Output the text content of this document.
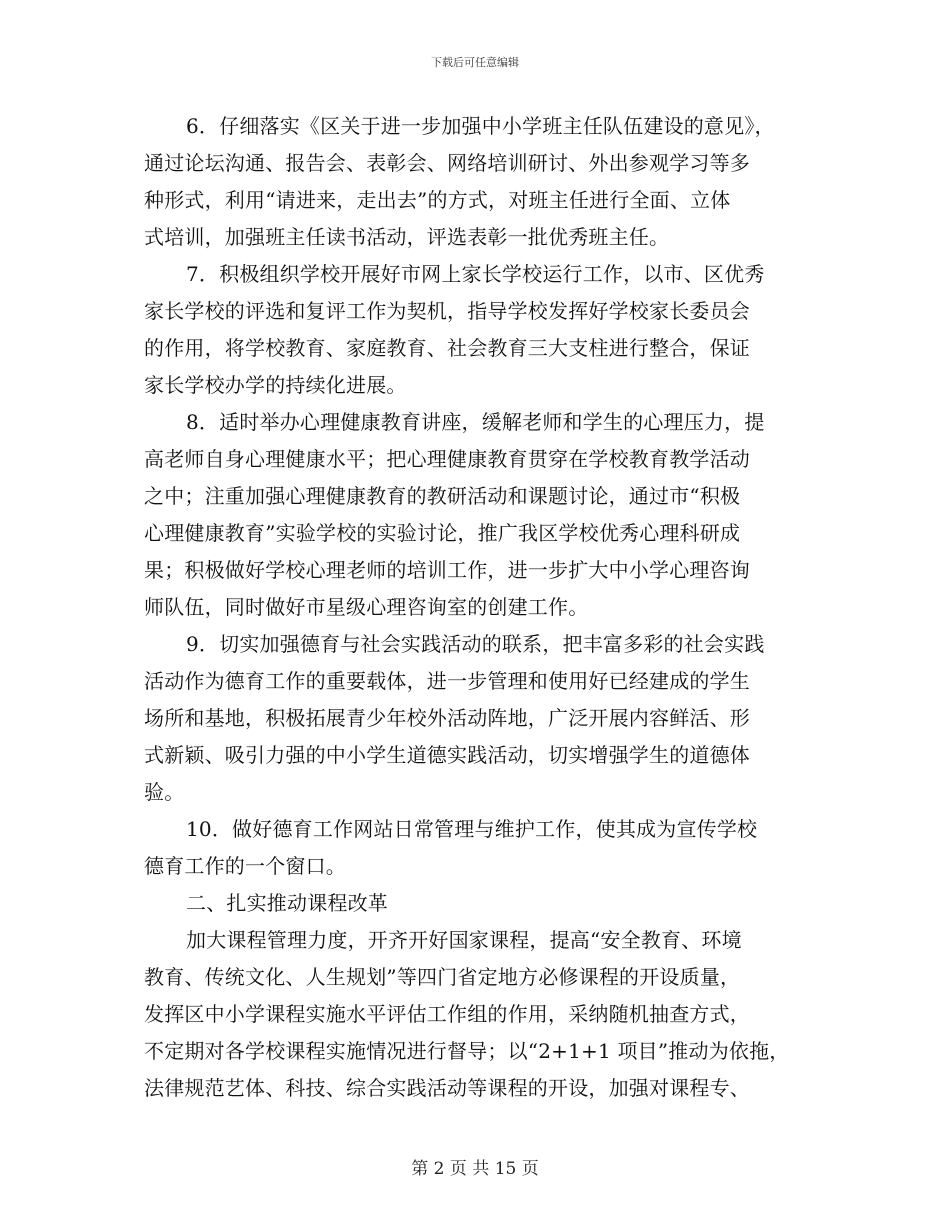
下载后可任意编辑

6．仔细落实《区关于进一步加强中小学班主任队伍建设的意见》，
通过论坛沟通、报告会、表彰会、网络培训研讨、外出参观学习等多
种形式，利用“请进来，走出去”的方式，对班主任进行全面、立体
式培训，加强班主任读书活动，评选表彰一批优秀班主任。

7．积极组织学校开展好市网上家长学校运行工作，以市、区优秀
家长学校的评选和复评工作为契机，指导学校发挥好学校家长委员会
的作用，将学校教育、家庭教育、社会教育三大支柱进行整合，保证
家长学校办学的持续化进展。

8．适时举办心理健康教育讲座，缓解老师和学生的心理压力，提
高老师自身心理健康水平；把心理健康教育贯穿在学校教育教学活动
之中；注重加强心理健康教育的教研活动和课题讨论，通过市“积极
心理健康教育”实验学校的实验讨论，推广我区学校优秀心理科研成
果；积极做好学校心理老师的培训工作，进一步扩大中小学心理咨询
师队伍，同时做好市星级心理咨询室的创建工作。

9．切实加强德育与社会实践活动的联系，把丰富多彩的社会实践
活动作为德育工作的重要载体，进一步管理和使用好已经建成的学生
场所和基地，积极拓展青少年校外活动阵地，广泛开展内容鲜活、形
式新颖、吸引力强的中小学生道德实践活动，切实增强学生的道德体
验。

10．做好德育工作网站日常管理与维护工作，使其成为宣传学校
德育工作的一个窗口。

二、扎实推动课程改革

加大课程管理力度，开齐开好国家课程，提高“安全教育、环境
教育、传统文化、人生规划”等四门省定地方必修课程的开设质量，
发挥区中小学课程实施水平评估工作组的作用，采纳随机抽查方式，
不定期对各学校课程实施情况进行督导；以“2+1+1 项目”推动为依拖，
法律规范艺体、科技、综合实践活动等课程的开设，加强对课程专、

第 2 页 共 15 页
